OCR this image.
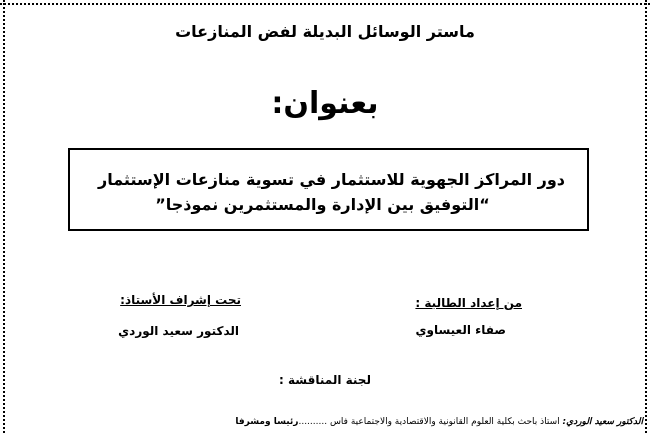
ماستر الوسائل البديلة لفض المنازعات
بعنوان:
دور المراكز الجهوية للاستثمار في تسوية منازعات الإستثمار
“التوفيق بين الإدارة والمستثمرين نموذجا”
من إعداد الطالبة :
صفاء العيساوي
تحت إشراف الأستاذ:
الدكتور سعيد الوردي
لجنة المناقشة :
الدكتور سعيد الوردي: استاذ باحث بكلية العلوم القانونية والاقتصادية والاجتماعية فاس ..........رئيسا ومشرفا
